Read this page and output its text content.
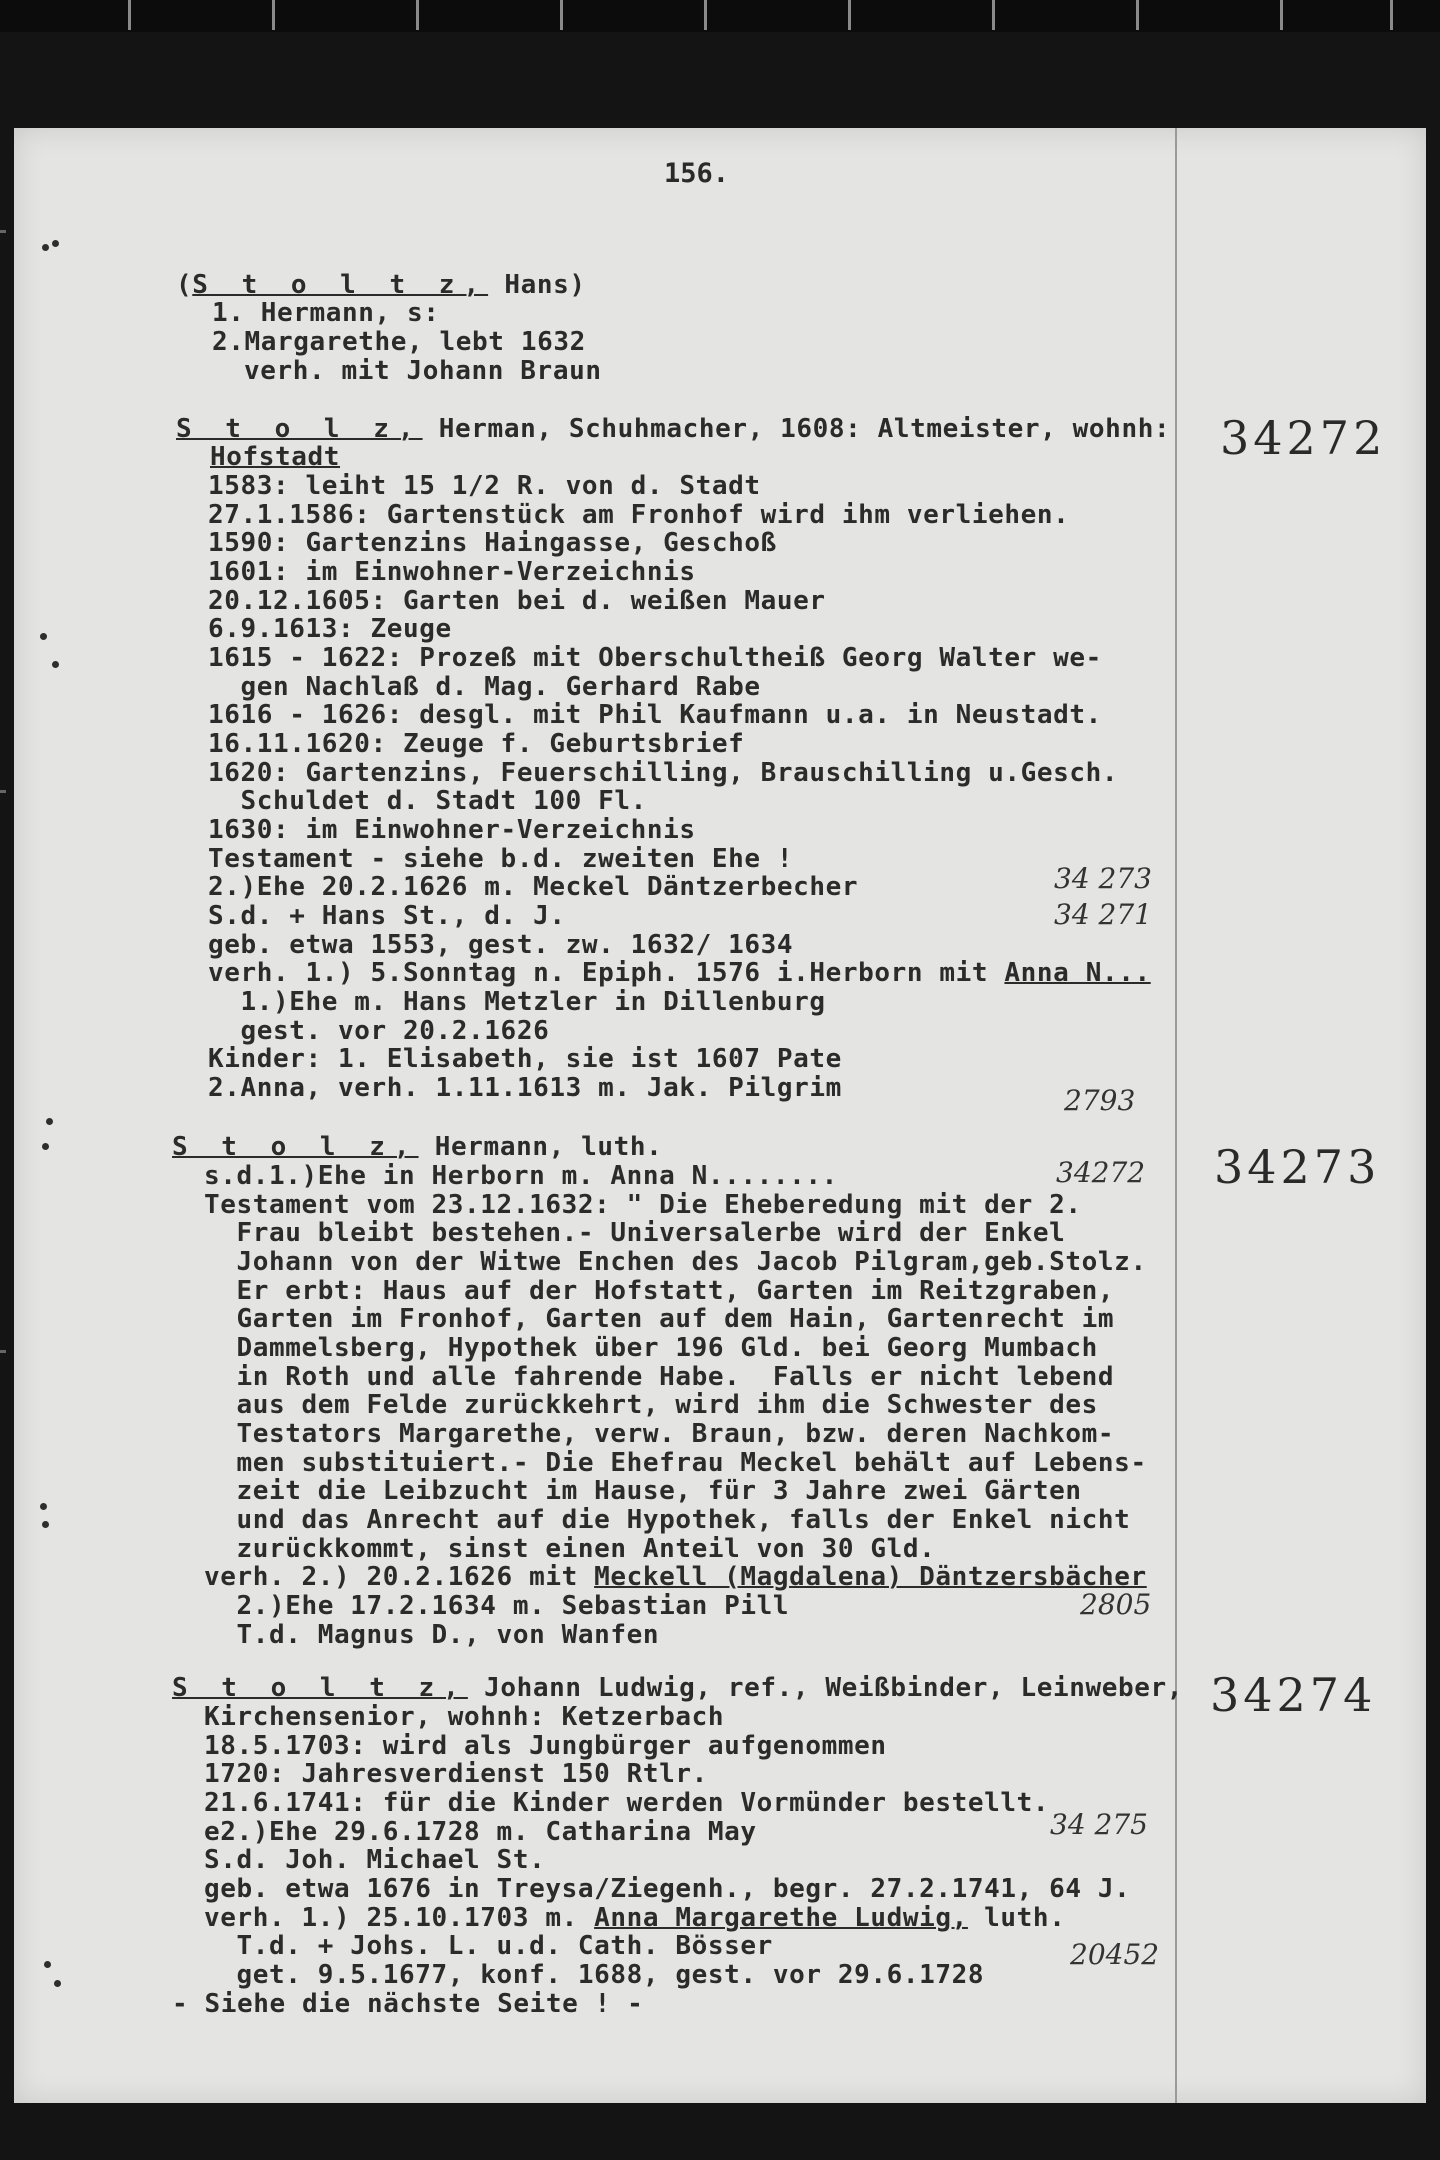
156.
(S t o l t z, Hans)
1. Hermann, s:
2.Margarethe, lebt 1632
verh. mit Johann Braun
34272
S t o l z, Herman, Schuhmacher, 1608: Altmeister, wohnh:
Hofstadt
1583: leiht 15 1/2 R. von d. Stadt
27.1.1586: Gartenstück am Fronhof wird ihm verliehen.
1590: Gartenzins Haingasse, Geschoß
1601: im Einwohner-Verzeichnis
20.12.1605: Garten bei d. weißen Mauer
6.9.1613: Zeuge
1615 - 1622: Prozeß mit Oberschultheiß Georg Walter we-
gen Nachlaß d. Mag. Gerhard Rabe
1616 - 1626: desgl. mit Phil Kaufmann u.a. in Neustadt.
16.11.1620: Zeuge f. Geburtsbrief
1620: Gartenzins, Feuerschilling, Brauschilling u.Gesch.
Schuldet d. Stadt 100 Fl.
1630: im Einwohner-Verzeichnis
Testament - siehe b.d. zweiten Ehe !
2.)Ehe 20.2.1626 m. Meckel Däntzerbecher
S.d. + Hans St., d. J.
geb. etwa 1553, gest. zw. 1632/ 1634
verh. 1.) 5.Sonntag n. Epiph. 1576 i.Herborn mit Anna N...
1.)Ehe m. Hans Metzler in Dillenburg
gest. vor 20.2.1626
Kinder: 1. Elisabeth, sie ist 1607 Pate
2.Anna, verh. 1.11.1613 m. Jak. Pilgrim
34 273
34 271
2793
34273
S t o l z, Hermann, luth.
s.d.1.)Ehe in Herborn m. Anna N........
Testament vom 23.12.1632: " Die Eheberedung mit der 2.
Frau bleibt bestehen.- Universalerbe wird der Enkel
Johann von der Witwe Enchen des Jacob Pilgram,geb.Stolz.
Er erbt: Haus auf der Hofstatt, Garten im Reitzgraben,
Garten im Fronhof, Garten auf dem Hain, Gartenrecht im
Dammelsberg, Hypothek über 196 Gld. bei Georg Mumbach
in Roth und alle fahrende Habe.  Falls er nicht lebend
aus dem Felde zurückkehrt, wird ihm die Schwester des
Testators Margarethe, verw. Braun, bzw. deren Nachkom-
men substituiert.- Die Ehefrau Meckel behält auf Lebens-
zeit die Leibzucht im Hause, für 3 Jahre zwei Gärten
und das Anrecht auf die Hypothek, falls der Enkel nicht
zurückkommt, sinst einen Anteil von 30 Gld.
verh. 2.) 20.2.1626 mit Meckell (Magdalena) Däntzersbächer
2.)Ehe 17.2.1634 m. Sebastian Pill
T.d. Magnus D., von Wanfen
34272
2805
34274
S t o l t z, Johann Ludwig, ref., Weißbinder, Leinweber,
Kirchensenior, wohnh: Ketzerbach
18.5.1703: wird als Jungbürger aufgenommen
1720: Jahresverdienst 150 Rtlr.
21.6.1741: für die Kinder werden Vormünder bestellt.
e2.)Ehe 29.6.1728 m. Catharina May
S.d. Joh. Michael St.
geb. etwa 1676 in Treysa/Ziegenh., begr. 27.2.1741, 64 J.
verh. 1.) 25.10.1703 m. Anna Margarethe Ludwig, luth.
T.d. + Johs. L. u.d. Cath. Bösser
get. 9.5.1677, konf. 1688, gest. vor 29.6.1728
- Siehe die nächste Seite ! -
34 275
20452
